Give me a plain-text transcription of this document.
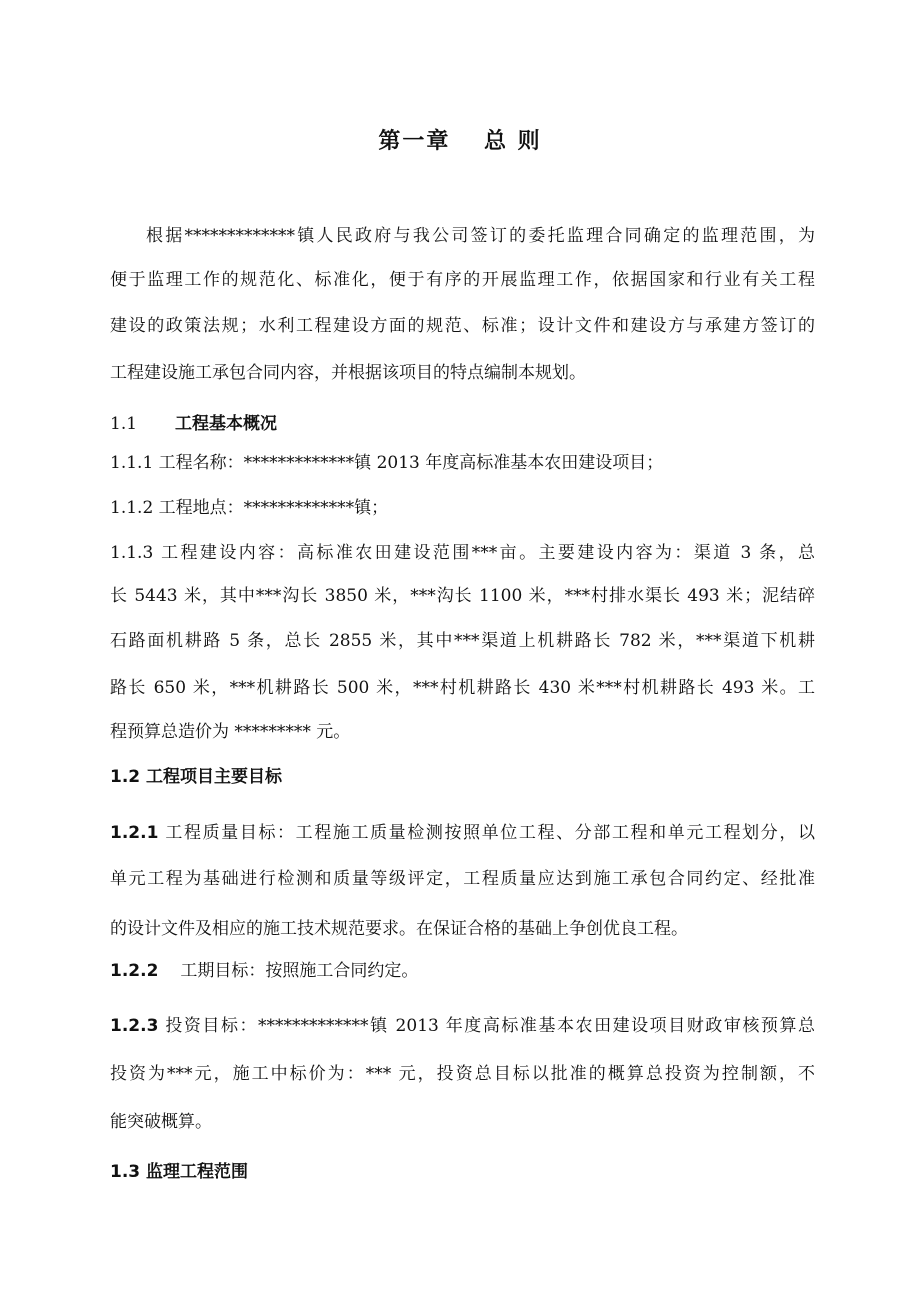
第一章　 总 则
根据*************镇人民政府与我公司签订的委托监理合同确定的监理范围，为
便于监理工作的规范化、标准化，便于有序的开展监理工作，依据国家和行业有关工程
建设的政策法规；水利工程建设方面的规范、标准；设计文件和建设方与承建方签订的
工程建设施工承包合同内容，并根据该项目的特点编制本规划。
1.1 工程基本概况
1.1.1 工程名称：*************镇 2013 年度高标准基本农田建设项目；
1.1.2 工程地点：*************镇；
1.1.3 工程建设内容：高标准农田建设范围***亩。主要建设内容为：渠道 3 条，总
长 5443 米，其中***沟长 3850 米，***沟长 1100 米，***村排水渠长 493 米；泥结碎
石路面机耕路 5 条，总长 2855 米，其中***渠道上机耕路长 782 米，***渠道下机耕
路长 650 米，***机耕路长 500 米，***村机耕路长 430 米***村机耕路长 493 米。工
程预算总造价为 ********* 元。
1.2 工程项目主要目标
1.2.1 工程质量目标：工程施工质量检测按照单位工程、分部工程和单元工程划分，以
单元工程为基础进行检测和质量等级评定，工程质量应达到施工承包合同约定、经批准
的设计文件及相应的施工技术规范要求。在保证合格的基础上争创优良工程。
1.2.2 工期目标：按照施工合同约定。
1.2.3 投资目标：*************镇 2013 年度高标准基本农田建设项目财政审核预算总
投资为***元，施工中标价为：*** 元，投资总目标以批准的概算总投资为控制额，不
能突破概算。
1.3 监理工程范围
